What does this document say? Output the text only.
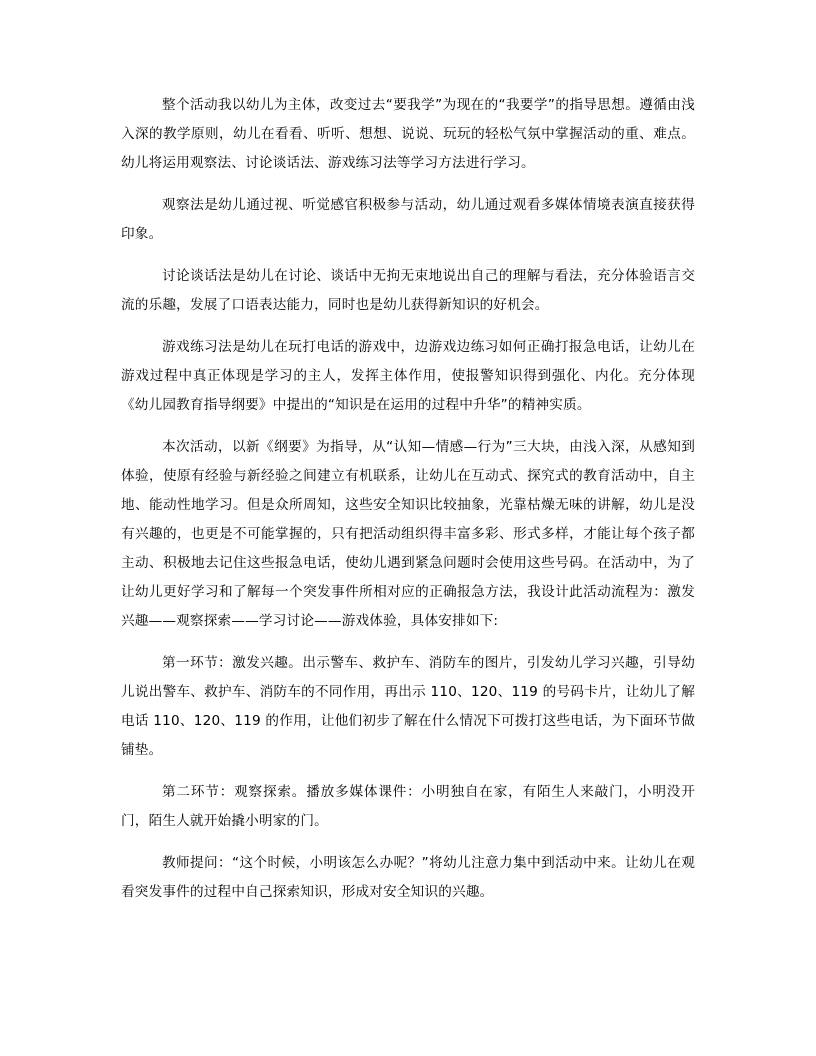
整个活动我以幼儿为主体，改变过去“要我学”为现在的“我要学”的指导思想。遵循由浅入深的教学原则，幼儿在看看、听听、想想、说说、玩玩的轻松气氛中掌握活动的重、难点。幼儿将运用观察法、讨论谈话法、游戏练习法等学习方法进行学习。

观察法是幼儿通过视、听觉感官积极参与活动，幼儿通过观看多媒体情境表演直接获得印象。

讨论谈话法是幼儿在讨论、谈话中无拘无束地说出自己的理解与看法，充分体验语言交流的乐趣，发展了口语表达能力，同时也是幼儿获得新知识的好机会。

游戏练习法是幼儿在玩打电话的游戏中，边游戏边练习如何正确打报急电话，让幼儿在游戏过程中真正体现是学习的主人，发挥主体作用，使报警知识得到强化、内化。充分体现《幼儿园教育指导纲要》中提出的“知识是在运用的过程中升华”的精神实质。

本次活动，以新《纲要》为指导，从“认知—情感—行为”三大块，由浅入深，从感知到体验，使原有经验与新经验之间建立有机联系，让幼儿在互动式、探究式的教育活动中，自主地、能动性地学习。但是众所周知，这些安全知识比较抽象，光靠枯燥无味的讲解，幼儿是没有兴趣的，也更是不可能掌握的，只有把活动组织得丰富多彩、形式多样，才能让每个孩子都主动、积极地去记住这些报急电话，使幼儿遇到紧急问题时会使用这些号码。在活动中，为了让幼儿更好学习和了解每一个突发事件所相对应的正确报急方法，我设计此活动流程为：激发兴趣——观察探索——学习讨论——游戏体验，具体安排如下:

第一环节：激发兴趣。出示警车、救护车、消防车的图片，引发幼儿学习兴趣，引导幼儿说出警车、救护车、消防车的不同作用，再出示 110、120、119 的号码卡片，让幼儿了解电话 110、120、119 的作用，让他们初步了解在什么情况下可拨打这些电话，为下面环节做铺垫。

第二环节：观察探索。播放多媒体课件：小明独自在家，有陌生人来敲门，小明没开门，陌生人就开始撬小明家的门。

教师提问：“这个时候，小明该怎么办呢？”将幼儿注意力集中到活动中来。让幼儿在观看突发事件的过程中自己探索知识，形成对安全知识的兴趣。
